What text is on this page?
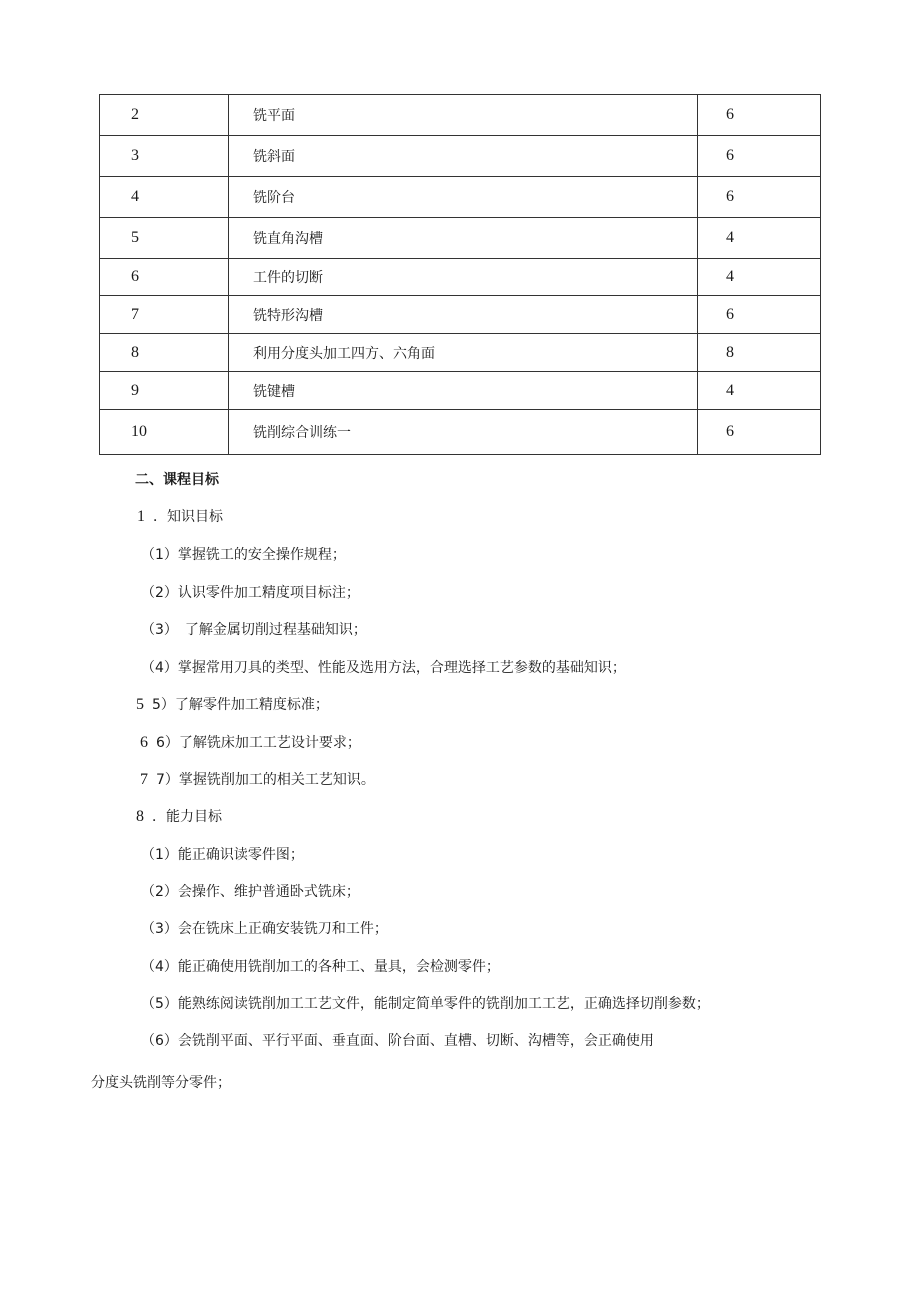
2	铣平面	6
3	铣斜面	6
4	铣阶台	6
5	铣直角沟槽	4
6	工件的切断	4
7	铣特形沟槽	6
8	利用分度头加工四方、六角面	8
9	铣键槽	4
10	铣削综合训练一	6
二、课程目标
1 ．知识目标
（1）掌握铣工的安全操作规程；
（2）认识零件加工精度项目标注；
（3）　了解金属切削过程基础知识；
（4）掌握常用刀具的类型、性能及选用方法，合理选择工艺参数的基础知识；
5 5）了解零件加工精度标准；
6 6）了解铣床加工工艺设计要求；
7 7）掌握铣削加工的相关工艺知识。
8 ．能力目标
（1）能正确识读零件图；
（2）会操作、维护普通卧式铣床；
（3）会在铣床上正确安装铣刀和工件；
（4）能正确使用铣削加工的各种工、量具，会检测零件；
（5）能熟练阅读铣削加工工艺文件，能制定简单零件的铣削加工工艺，正确选择切削参数；
（6）会铣削平面、平行平面、垂直面、阶台面、直槽、切断、沟槽等，会正确使用
分度头铣削等分零件；
